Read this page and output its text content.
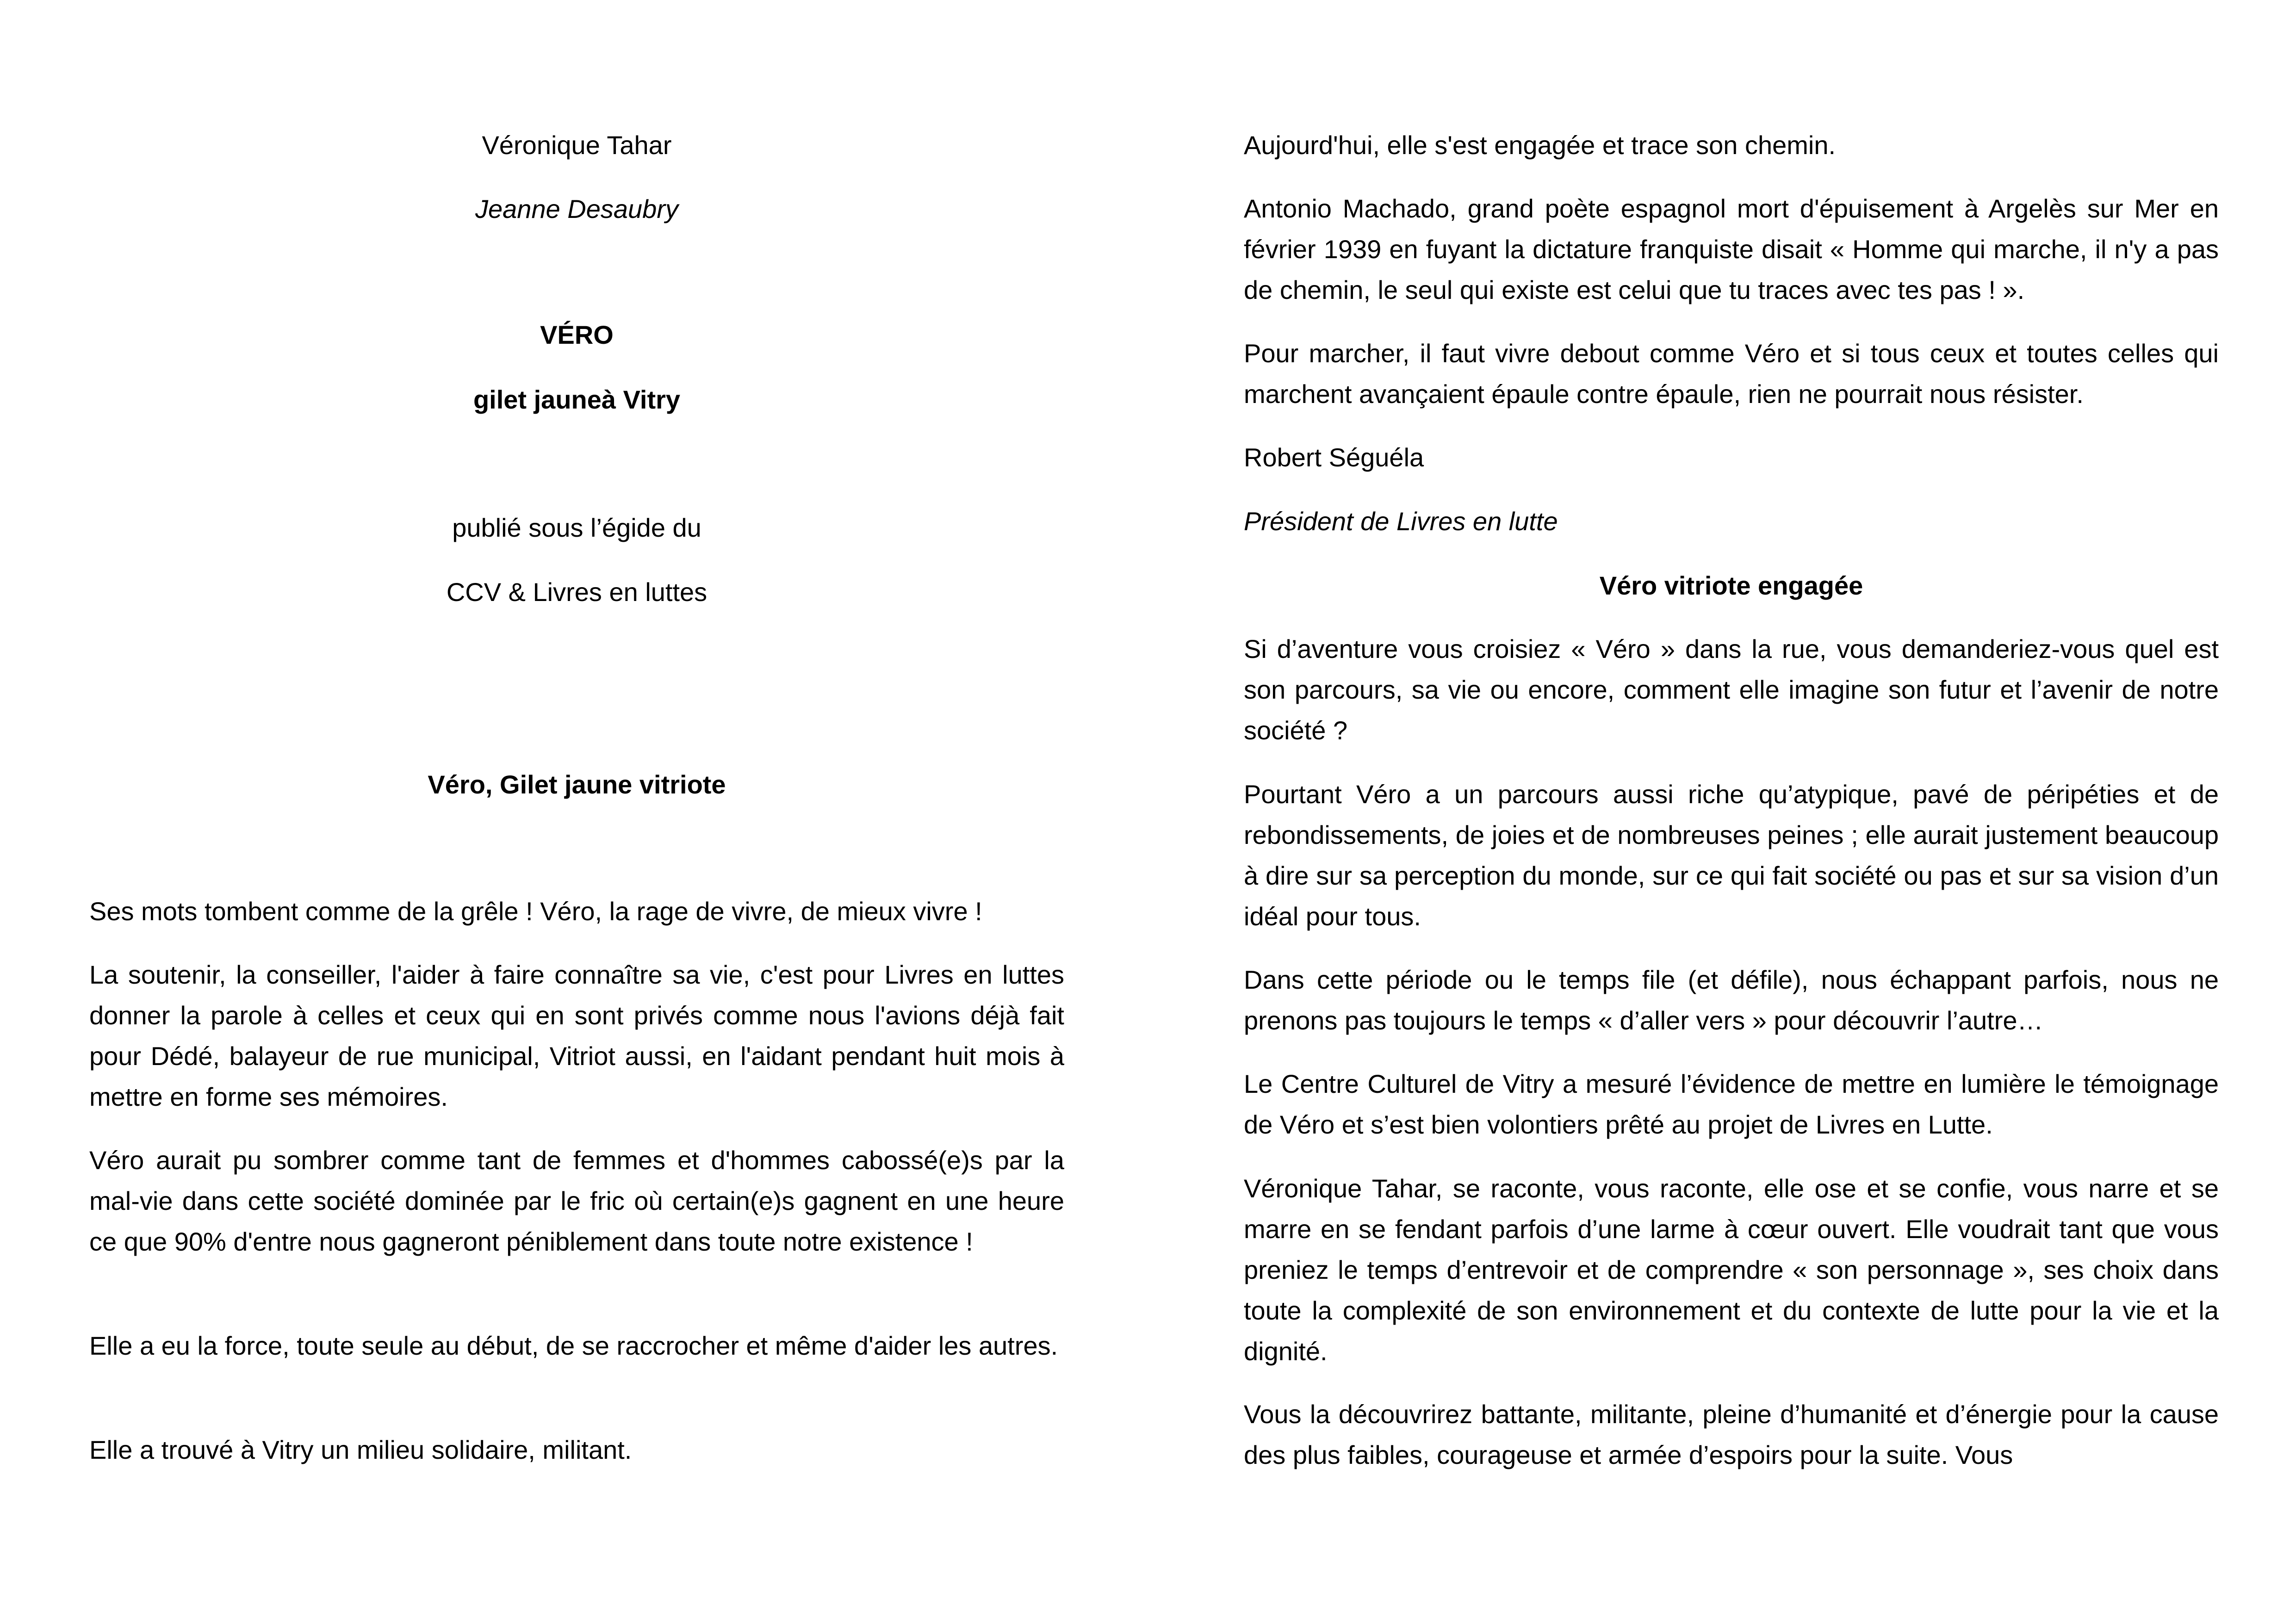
Véronique Tahar

Jeanne Desaubry

VÉRO

gilet jauneà Vitry

publié sous l’égide du

CCV & Livres en luttes

Véro, Gilet jaune vitriote

Ses mots tombent comme de la grêle ! Véro, la rage de vivre, de mieux vivre !

La soutenir, la conseiller, l'aider à faire connaître sa vie, c'est pour Livres en luttes donner la parole à celles et ceux qui en sont privés comme nous l'avions déjà fait pour Dédé, balayeur de rue municipal, Vitriot aussi, en l'aidant pendant huit mois à mettre en forme ses mémoires.

Véro aurait pu sombrer comme tant de femmes et d'hommes cabossé(e)s par la mal-vie dans cette société dominée par le fric où certain(e)s gagnent en une heure ce que 90% d'entre nous gagneront péniblement dans toute notre existence !

Elle a eu la force, toute seule au début, de se raccrocher et même d'aider les autres.

Elle a trouvé à Vitry un milieu solidaire, militant.

Aujourd'hui, elle s'est engagée et trace son chemin.

Antonio Machado, grand poète espagnol mort d'épuisement à Argelès sur Mer en février 1939 en fuyant la dictature franquiste disait « Homme qui marche, il n'y a pas de chemin, le seul qui existe est celui que tu traces avec tes pas ! ».

Pour marcher, il faut vivre debout comme Véro et si tous ceux et toutes celles qui marchent avançaient épaule contre épaule, rien ne pourrait nous résister.

Robert Séguéla

Président de Livres en lutte

Véro vitriote engagée

Si d’aventure vous croisiez « Véro » dans la rue, vous demanderiez-vous quel est son parcours, sa vie ou encore, comment elle imagine son futur et l’avenir de notre société ?

Pourtant Véro a un parcours aussi riche qu’atypique, pavé de péripéties et de rebondissements, de joies et de nombreuses peines ; elle aurait justement beaucoup à dire sur sa perception du monde, sur ce qui fait société ou pas et sur sa vision d’un idéal pour tous.

Dans cette période ou le temps file (et défile), nous échappant parfois, nous ne prenons pas toujours le temps « d’aller vers » pour découvrir l’autre…

Le Centre Culturel de Vitry a mesuré l’évidence de mettre en lumière le témoignage de Véro et s’est bien volontiers prêté au projet de Livres en Lutte.

Véronique Tahar, se raconte, vous raconte, elle ose et se confie, vous narre et se marre en se fendant parfois d’une larme à cœur ouvert. Elle voudrait tant que vous preniez le temps d’entrevoir et de comprendre « son personnage », ses choix dans toute la complexité de son environnement et du contexte de lutte pour la vie et la dignité.

Vous la découvrirez battante, militante, pleine d’humanité et d’énergie pour la cause des plus faibles, courageuse et armée d’espoirs pour la suite. Vous
